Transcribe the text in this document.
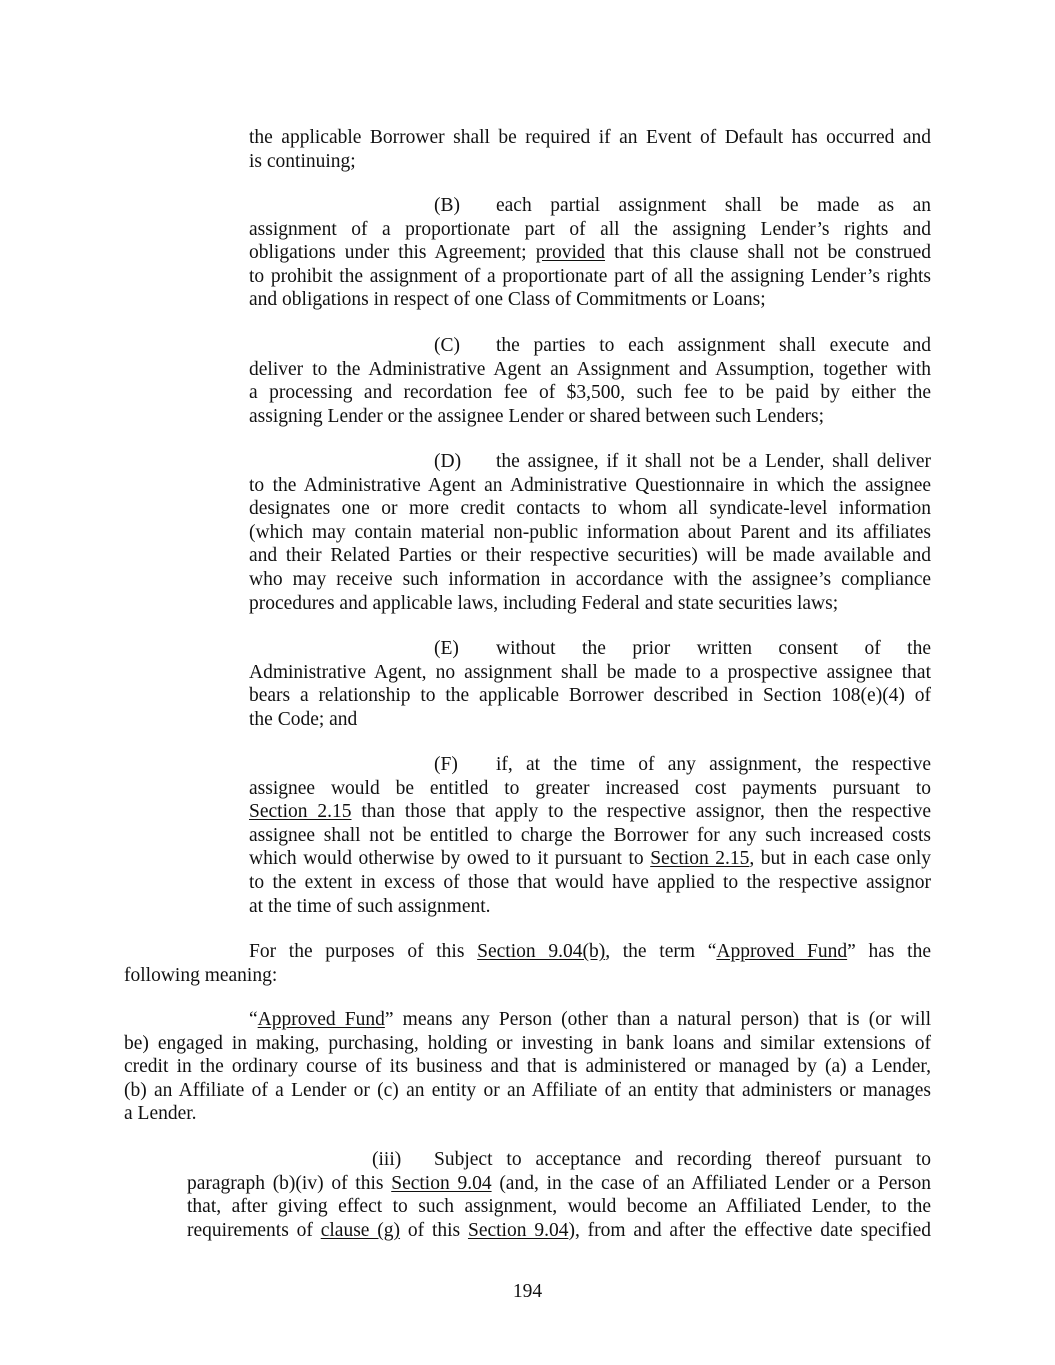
the applicable Borrower shall be required if an Event of Default has occurred and
is continuing;
(B) each partial assignment shall be made as an
assignment of a proportionate part of all the assigning Lender’s rights and
obligations under this Agreement; provided that this clause shall not be construed
to prohibit the assignment of a proportionate part of all the assigning Lender’s rights
and obligations in respect of one Class of Commitments or Loans;
(C) the parties to each assignment shall execute and
deliver to the Administrative Agent an Assignment and Assumption, together with
a processing and recordation fee of $3,500, such fee to be paid by either the
assigning Lender or the assignee Lender or shared between such Lenders;
(D) the assignee, if it shall not be a Lender, shall deliver
to the Administrative Agent an Administrative Questionnaire in which the assignee
designates one or more credit contacts to whom all syndicate-level information
(which may contain material non-public information about Parent and its affiliates
and their Related Parties or their respective securities) will be made available and
who may receive such information in accordance with the assignee’s compliance
procedures and applicable laws, including Federal and state securities laws;
(E) without the prior written consent of the
Administrative Agent, no assignment shall be made to a prospective assignee that
bears a relationship to the applicable Borrower described in Section 108(e)(4) of
the Code; and
(F) if, at the time of any assignment, the respective
assignee would be entitled to greater increased cost payments pursuant to
Section 2.15 than those that apply to the respective assignor, then the respective
assignee shall not be entitled to charge the Borrower for any such increased costs
which would otherwise by owed to it pursuant to Section 2.15, but in each case only
to the extent in excess of those that would have applied to the respective assignor
at the time of such assignment.
For the purposes of this Section 9.04(b), the term “Approved Fund” has the
following meaning:
“Approved Fund” means any Person (other than a natural person) that is (or will
be) engaged in making, purchasing, holding or investing in bank loans and similar extensions of
credit in the ordinary course of its business and that is administered or managed by (a) a Lender,
(b) an Affiliate of a Lender or (c) an entity or an Affiliate of an entity that administers or manages
a Lender.
(iii) Subject to acceptance and recording thereof pursuant to
paragraph (b)(iv) of this Section 9.04 (and, in the case of an Affiliated Lender or a Person
that, after giving effect to such assignment, would become an Affiliated Lender, to the
requirements of clause (g) of this Section 9.04), from and after the effective date specified
194
